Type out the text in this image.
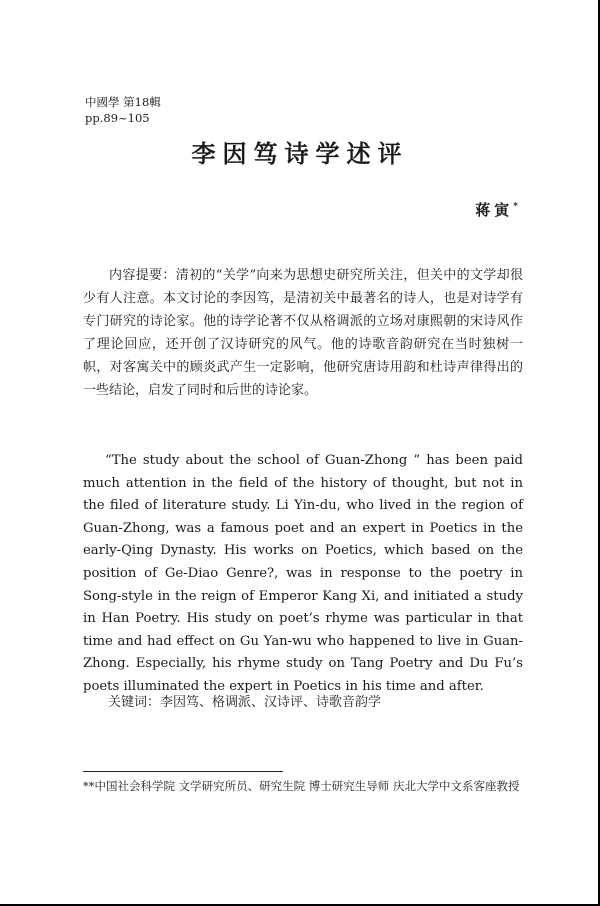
中國學 第18輯
pp.89~105
李因笃诗学述评
蒋寅*

内容提要：清初的“关学”向来为思想史研究所关注，但关中的文学却很少有人注意。本文讨论的李因笃，是清初关中最著名的诗人，也是对诗学有专门研究的诗论家。他的诗学论著不仅从格调派的立场对康熙朝的宋诗风作了理论回应，还开创了汉诗研究的风气。他的诗歌音韵研究在当时独树一帜，对客寓关中的顾炎武产生一定影响，他研究唐诗用韵和杜诗声律得出的一些结论，启发了同时和后世的诗论家。

“The study about the school of Guan-Zhong ” has been paid much attention in the field of the history of thought, but not in the filed of literature study. Li Yin-du, who lived in the region of Guan-Zhong, was a famous poet and an expert in Poetics in the early-Qing Dynasty. His works on Poetics, which based on the position of Ge-Diao Genre?, was in response to the poetry in Song-style in the reign of Emperor Kang Xi, and initiated a study in Han Poetry. His study on poet’s rhyme was particular in that time and had effect on Gu Yan-wu who happened to live in Guan-Zhong. Especially, his rhyme study on Tang Poetry and Du Fu’s poets illuminated the expert in Poetics in his time and after.

关键词：李因笃、格调派、汉诗评、诗歌音韵学
**中国社会科学院 文学研究所员、研究生院 博士研究生导师 庆北大学中文系客座教授
